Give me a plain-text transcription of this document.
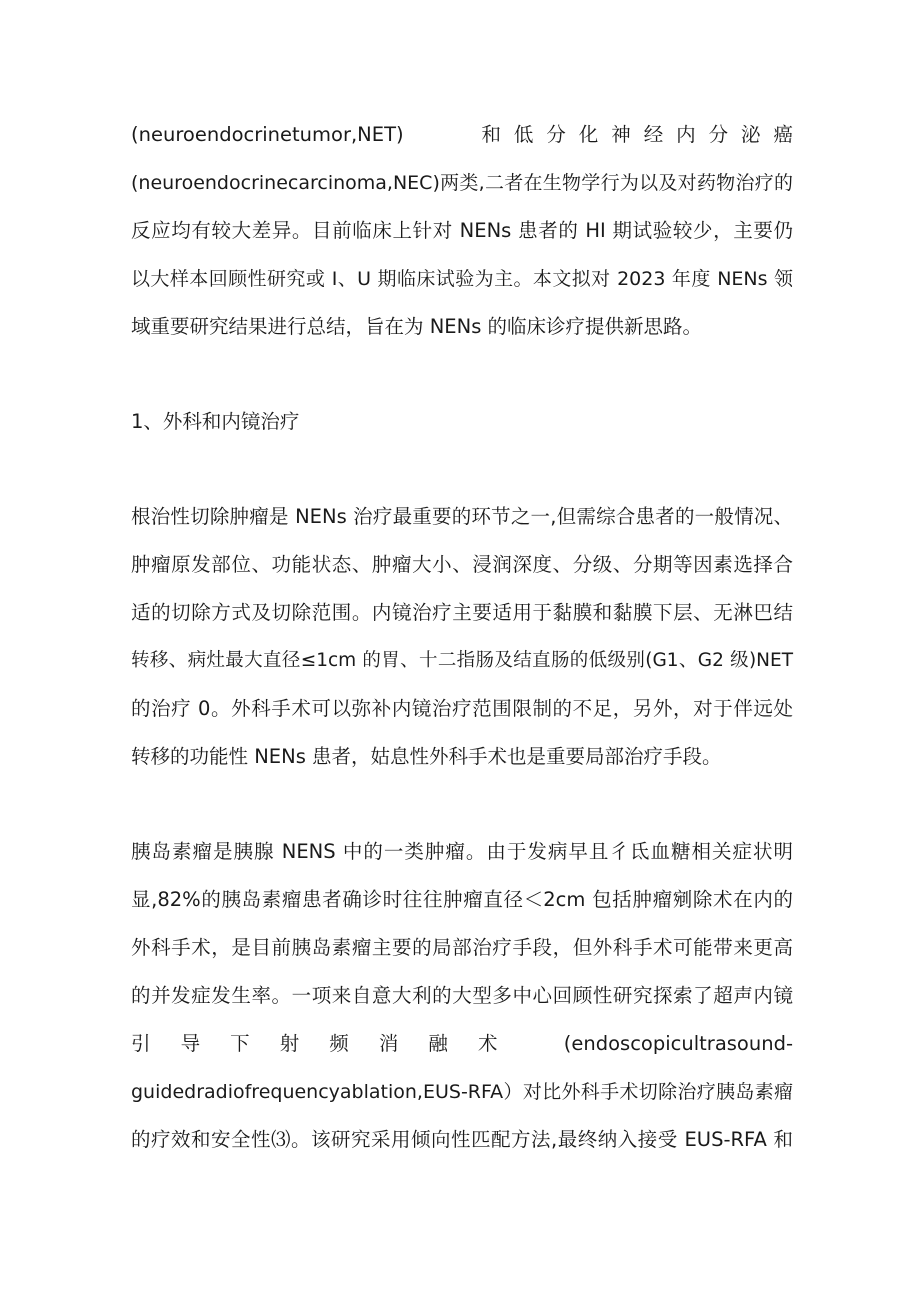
(neuroendocrinetumor,NET)　　和低分化神经内分泌癌
(neuroendocrinecarcinoma,NEC)两类,二者在生物学行为以及对药物治疗的
反应均有较大差异。目前临床上针对 NENs 患者的 HI 期试验较少，主要仍
以大样本回顾性研究或 I、U 期临床试验为主。本文拟对 2023 年度 NENs 领
域重要研究结果进行总结，旨在为 NENs 的临床诊疗提供新思路。
1、外科和内镜治疗
根治性切除肿瘤是 NENs 治疗最重要的环节之一,但需综合患者的一般情况、
肿瘤原发部位、功能状态、肿瘤大小、浸润深度、分级、分期等因素选择合
适的切除方式及切除范围。内镜治疗主要适用于黏膜和黏膜下层、无淋巴结
转移、病灶最大直径≤1cm 的胃、十二指肠及结直肠的低级别(G1、G2 级)NET
的治疗 0。外科手术可以弥补内镜治疗范围限制的不足，另外，对于伴远处
转移的功能性 NENs 患者，姑息性外科手术也是重要局部治疗手段。
胰岛素瘤是胰腺 NENS 中的一类肿瘤。由于发病早且彳氐血糖相关症状明
显,82%的胰岛素瘤患者确诊时往往肿瘤直径＜2cm 包括肿瘤剜除术在内的
外科手术，是目前胰岛素瘤主要的局部治疗手段，但外科手术可能带来更高
的并发症发生率。一项来自意大利的大型多中心回顾性研究探索了超声内镜
引导下射频消融术 (endoscopicultrasound-
guidedradiofrequencyablation,EUS-RFA）对比外科手术切除治疗胰岛素瘤
的疗效和安全性⑶。该研究采用倾向性匹配方法,最终纳入接受 EUS-RFA 和
